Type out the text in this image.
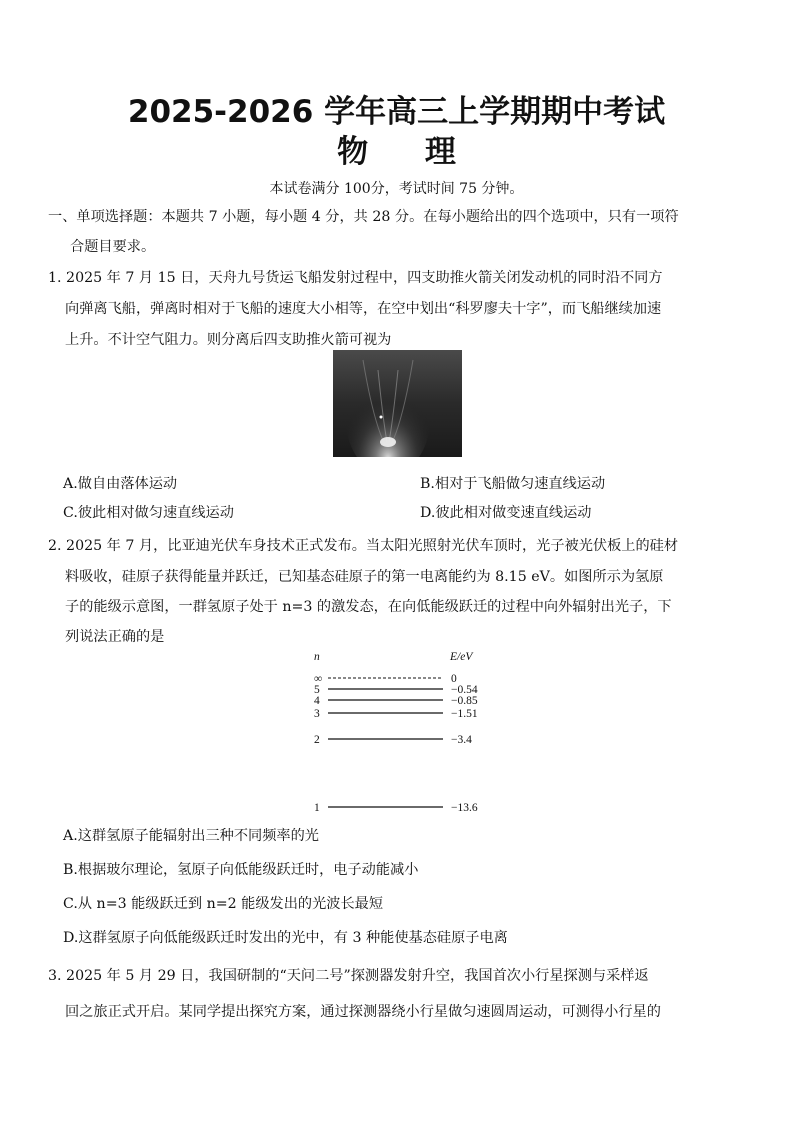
2025-2026 学年高三上学期期中考试
物 理
本试卷满分 100分，考试时间 75 分钟。
一、单项选择题：本题共 7 小题，每小题 4 分，共 28 分。在每小题给出的四个选项中，只有一项符
合题目要求。
1. 2025 年 7 月 15 日，天舟九号货运飞船发射过程中，四支助推火箭关闭发动机的同时沿不同方
向弹离飞船，弹离时相对于飞船的速度大小相等，在空中划出“科罗廖夫十字”，而飞船继续加速
上升。不计空气阻力。则分离后四支助推火箭可视为
A.做自由落体运动	B.相对于飞船做匀速直线运动
C.彼此相对做匀速直线运动	D.彼此相对做变速直线运动
2. 2025 年 7 月，比亚迪光伏车身技术正式发布。当太阳光照射光伏车顶时，光子被光伏板上的硅材
料吸收，硅原子获得能量并跃迁，已知基态硅原子的第一电离能约为 8.15 eV。如图所示为氢原
子的能级示意图，一群氢原子处于 n=3 的激发态，在向低能级跃迁的过程中向外辐射出光子，下
列说法正确的是
n	E/eV
∞	0
5	−0.54
4	−0.85
3	−1.51
2	−3.4
1	−13.6
A.这群氢原子能辐射出三种不同频率的光
B.根据玻尔理论，氢原子向低能级跃迁时，电子动能减小
C.从 n=3 能级跃迁到 n=2 能级发出的光波长最短
D.这群氢原子向低能级跃迁时发出的光中，有 3 种能使基态硅原子电离
3. 2025 年 5 月 29 日，我国研制的“天问二号”探测器发射升空，我国首次小行星探测与采样返
回之旅正式开启。某同学提出探究方案，通过探测器绕小行星做匀速圆周运动，可测得小行星的
